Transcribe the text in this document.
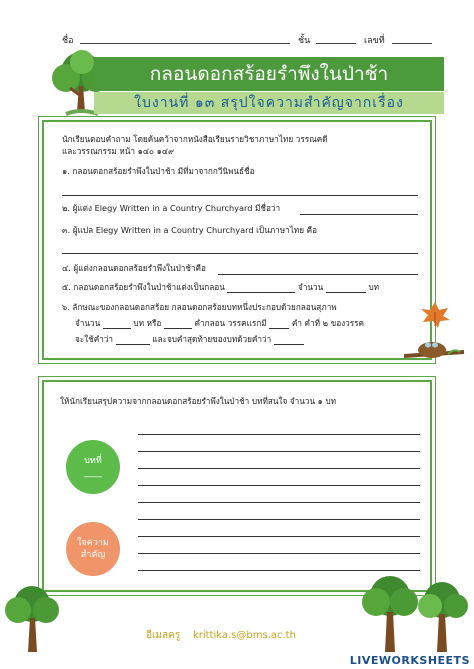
ชื่อ	ชั้น	เลขที่
กลอนดอกสร้อยรำพึงในป่าช้า
ใบงานที่ ๑๓ สรุปใจความสำคัญจากเรื่อง
นักเรียนตอบคำถาม โดยค้นคว้าจากหนังสือเรียนรายวิชาภาษาไทย วรรณคดี
และวรรณกรรม หน้า ๑๔๐ ๑๔๙
๑. กลอนดอกสร้อยรำพึงในป่าช้า มีที่มาจากกวีนิพนธ์ชื่อ
๒. ผู้แต่ง Elegy Written in a Country Churchyard มีชื่อว่า
๓. ผู้แปล Elegy Written in a Country Churchyard เป็นภาษาไทย คือ
๔. ผู้แต่งกลอนดอกสร้อยรำพึงในป่าช้าคือ
๕. กลอนดอกสร้อยรำพึงในป่าช้าแต่งเป็นกลอน	จำนวน	บท
๖. ลักษณะของกลอนดอกสร้อย กลอนดอกสร้อยบทหนึ่งประกอบด้วยกลอนสุภาพ
จำนวน	บท หรือ	คำกลอน วรรคแรกมี	คำ คำที่ ๒ ของวรรค
จะใช้คำว่า	และจบคำสุดท้ายของบทด้วยคำว่า
ให้นักเรียนสรุปความจากกลอนดอกสร้อยรำพึงในป่าช้า บทที่สนใจ จำนวน ๑ บท
บทที่
____
ใจความ
สำคัญ
อีเมลครู krittika.s@bms.ac.th
LIVEWORKSHEETS
